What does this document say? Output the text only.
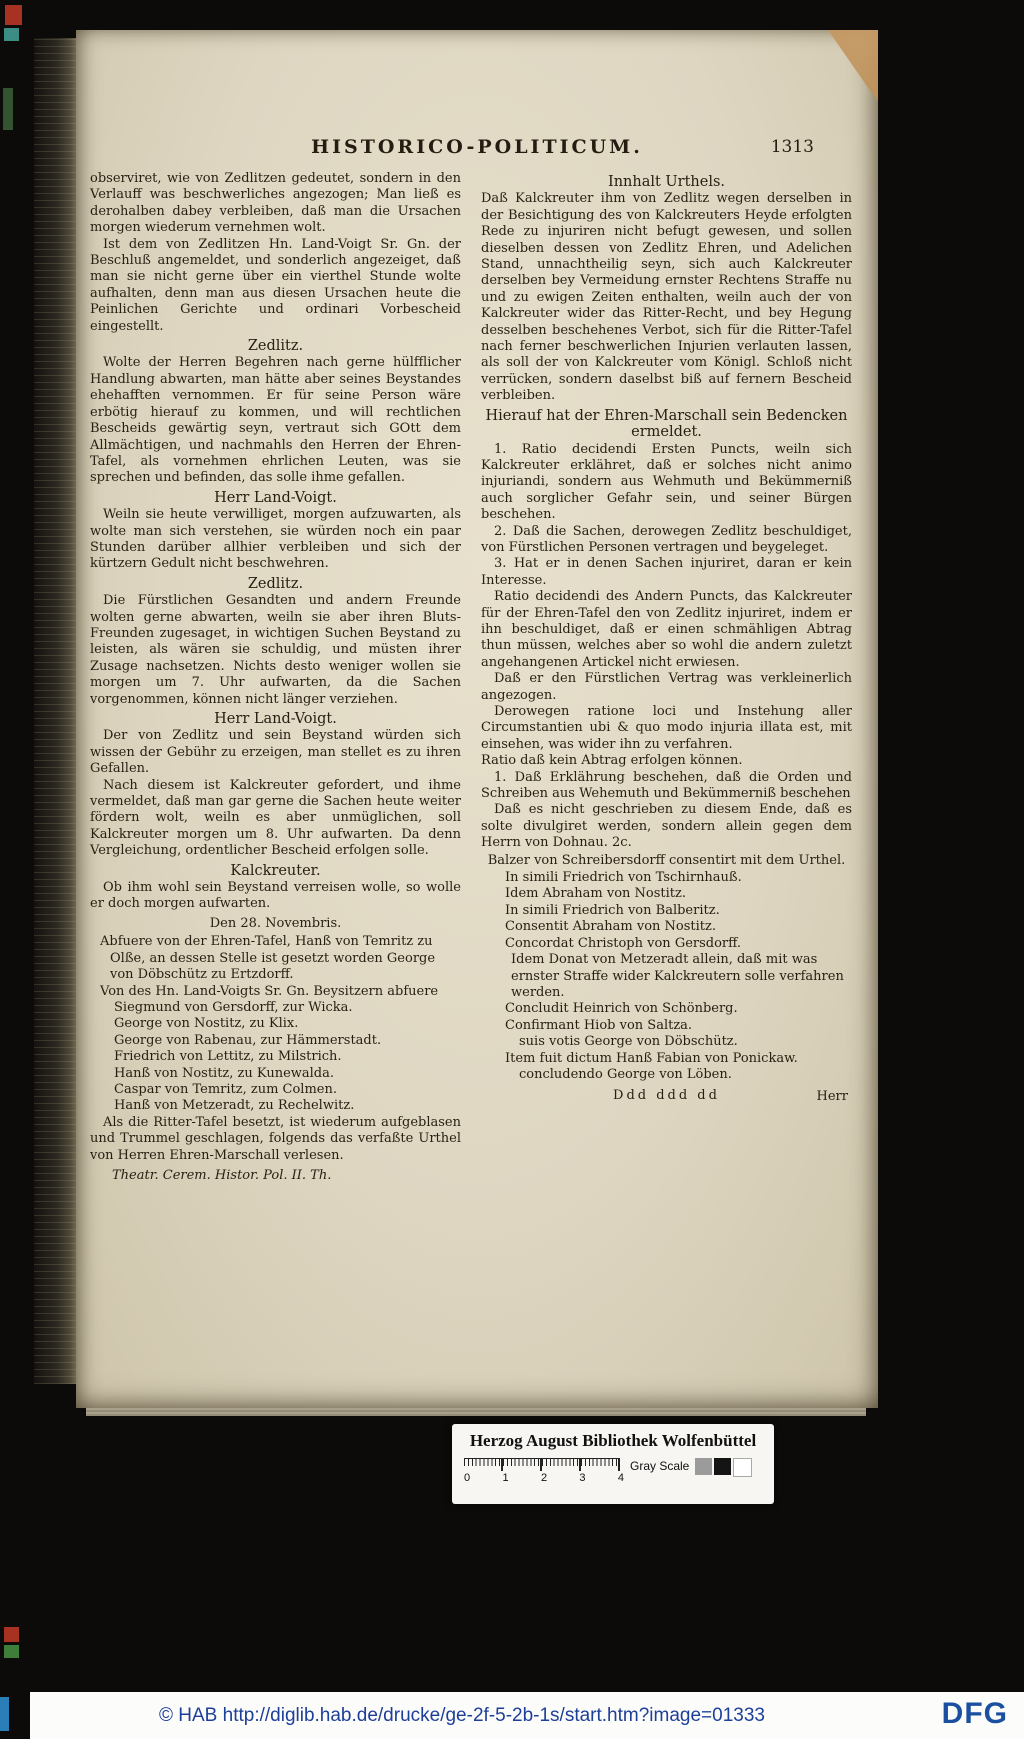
HISTORICO-POLITICUM.	1313
observiret, wie von Zedlitzen gedeutet, sondern in den Verlauff was beschwerliches angezogen; Man ließ es derohalben dabey verbleiben, daß man die Ursachen morgen wiederum vernehmen wolt.
Ist dem von Zedlitzen Hn. Land-Voigt Sr. Gn. der Beschluß angemeldet, und sonderlich angezeiget, daß man sie nicht gerne über ein vierthel Stunde wolte aufhalten, denn man aus diesen Ursachen heute die Peinlichen Gerichte und ordinari Vorbescheid eingestellt.
Zedlitz.
Wolte der Herren Begehren nach gerne hülfflicher Handlung abwarten, man hätte aber seines Beystandes ehehafften vernommen. Er für seine Person wäre erbötig hierauf zu kommen, und will rechtlichen Bescheids gewärtig seyn, vertraut sich GOtt dem Allmächtigen, und nachmahls den Herren der Ehren-Tafel, als vornehmen ehrlichen Leuten, was sie sprechen und befinden, das solle ihme gefallen.
Herr Land-Voigt.
Weiln sie heute verwilliget, morgen aufzuwarten, als wolte man sich verstehen, sie würden noch ein paar Stunden darüber allhier verbleiben und sich der kürtzern Gedult nicht beschwehren.
Zedlitz.
Die Fürstlichen Gesandten und andern Freunde wolten gerne abwarten, weiln sie aber ihren Bluts-Freunden zugesaget, in wichtigen Suchen Beystand zu leisten, als wären sie schuldig, und müsten ihrer Zusage nachsetzen. Nichts desto weniger wollen sie morgen um 7. Uhr aufwarten, da die Sachen vorgenommen, können nicht länger verziehen.
Herr Land-Voigt.
Der von Zedlitz und sein Beystand würden sich wissen der Gebühr zu erzeigen, man stellet es zu ihren Gefallen.
Nach diesem ist Kalckreuter gefordert, und ihme vermeldet, daß man gar gerne die Sachen heute weiter fördern wolt, weiln es aber unmüglichen, soll Kalckreuter morgen um 8. Uhr aufwarten. Da denn Vergleichung, ordentlicher Bescheid erfolgen solle.
Kalckreuter.
Ob ihm wohl sein Beystand verreisen wolle, so wolle er doch morgen aufwarten.
Den 28. Novembris.
Abfuere von der Ehren-Tafel, Hanß von Temritz zu Olße, an dessen Stelle ist gesetzt worden George von Döbschütz zu Ertzdorff.
Von des Hn. Land-Voigts Sr. Gn. Beysitzern abfuere
Siegmund von Gersdorff, zur Wicka.
George von Nostitz, zu Klix.
George von Rabenau, zur Hämmerstadt.
Friedrich von Lettitz, zu Milstrich.
Hanß von Nostitz, zu Kunewalda.
Caspar von Temritz, zum Colmen.
Hanß von Metzeradt, zu Rechelwitz.
Als die Ritter-Tafel besetzt, ist wiederum aufgeblasen und Trummel geschlagen, folgends das verfaßte Urthel von Herren Ehren-Marschall verlesen.
Theatr. Cerem. Histor. Pol. II. Th.
Innhalt Urthels.
Daß Kalckreuter ihm von Zedlitz wegen derselben in der Besichtigung des von Kalckreuters Heyde erfolgten Rede zu injuriren nicht befugt gewesen, und sollen dieselben dessen von Zedlitz Ehren, und Adelichen Stand, unnachtheilig seyn, sich auch Kalckreuter derselben bey Vermeidung ernster Rechtens Straffe nu und zu ewigen Zeiten enthalten, weiln auch der von Kalckreuter wider das Ritter-Recht, und bey Hegung desselben beschehenes Verbot, sich für die Ritter-Tafel nach ferner beschwerlichen Injurien verlauten lassen, als soll der von Kalckreuter vom Königl. Schloß nicht verrücken, sondern daselbst biß auf fernern Bescheid verbleiben.
Hierauf hat der Ehren-Marschall sein Bedencken ermeldet.
1. Ratio decidendi Ersten Puncts, weiln sich Kalckreuter erklähret, daß er solches nicht animo injuriandi, sondern aus Wehmuth und Bekümmerniß auch sorglicher Gefahr sein, und seiner Bürgen beschehen.
2. Daß die Sachen, derowegen Zedlitz beschuldiget, von Fürstlichen Personen vertragen und beygeleget.
3. Hat er in denen Sachen injuriret, daran er kein Interesse.
Ratio decidendi des Andern Puncts, das Kalckreuter für der Ehren-Tafel den von Zedlitz injuriret, indem er ihn beschuldiget, daß er einen schmähligen Abtrag thun müssen, welches aber so wohl die andern zuletzt angehangenen Artickel nicht erwiesen.
Daß er den Fürstlichen Vertrag was verkleinerlich angezogen.
Derowegen ratione loci und Instehung aller Circumstantien ubi & quo modo injuria illata est, mit einsehen, was wider ihn zu verfahren.
Ratio daß kein Abtrag erfolgen können.
1. Daß Erklährung beschehen, daß die Orden und Schreiben aus Wehemuth und Bekümmerniß beschehen
Daß es nicht geschrieben zu diesem Ende, daß es solte divulgiret werden, sondern allein gegen dem Herrn von Dohnau. 2c.
Balzer von Schreibersdorff consentirt mit dem Urthel.
In simili Friedrich von Tschirnhauß.
Idem Abraham von Nostitz.
In simili Friedrich von Balberitz.
Consentit Abraham von Nostitz.
Concordat Christoph von Gersdorff.
Idem Donat von Metzeradt allein, daß mit was ernster Straffe wider Kalckreutern solle verfahren werden.
Concludit Heinrich von Schönberg.
Confirmant Hiob von Saltza.
suis votis George von Döbschütz.
Item fuit dictum Hanß Fabian von Ponickaw.
concludendo George von Löben.
Ddd ddd dd	Herr
Herzog August Bibliothek Wolfenbüttel
0	1	2	3	4
Gray Scale
© HAB http://diglib.hab.de/drucke/ge-2f-5-2b-1s/start.htm?image=01333	DFG
